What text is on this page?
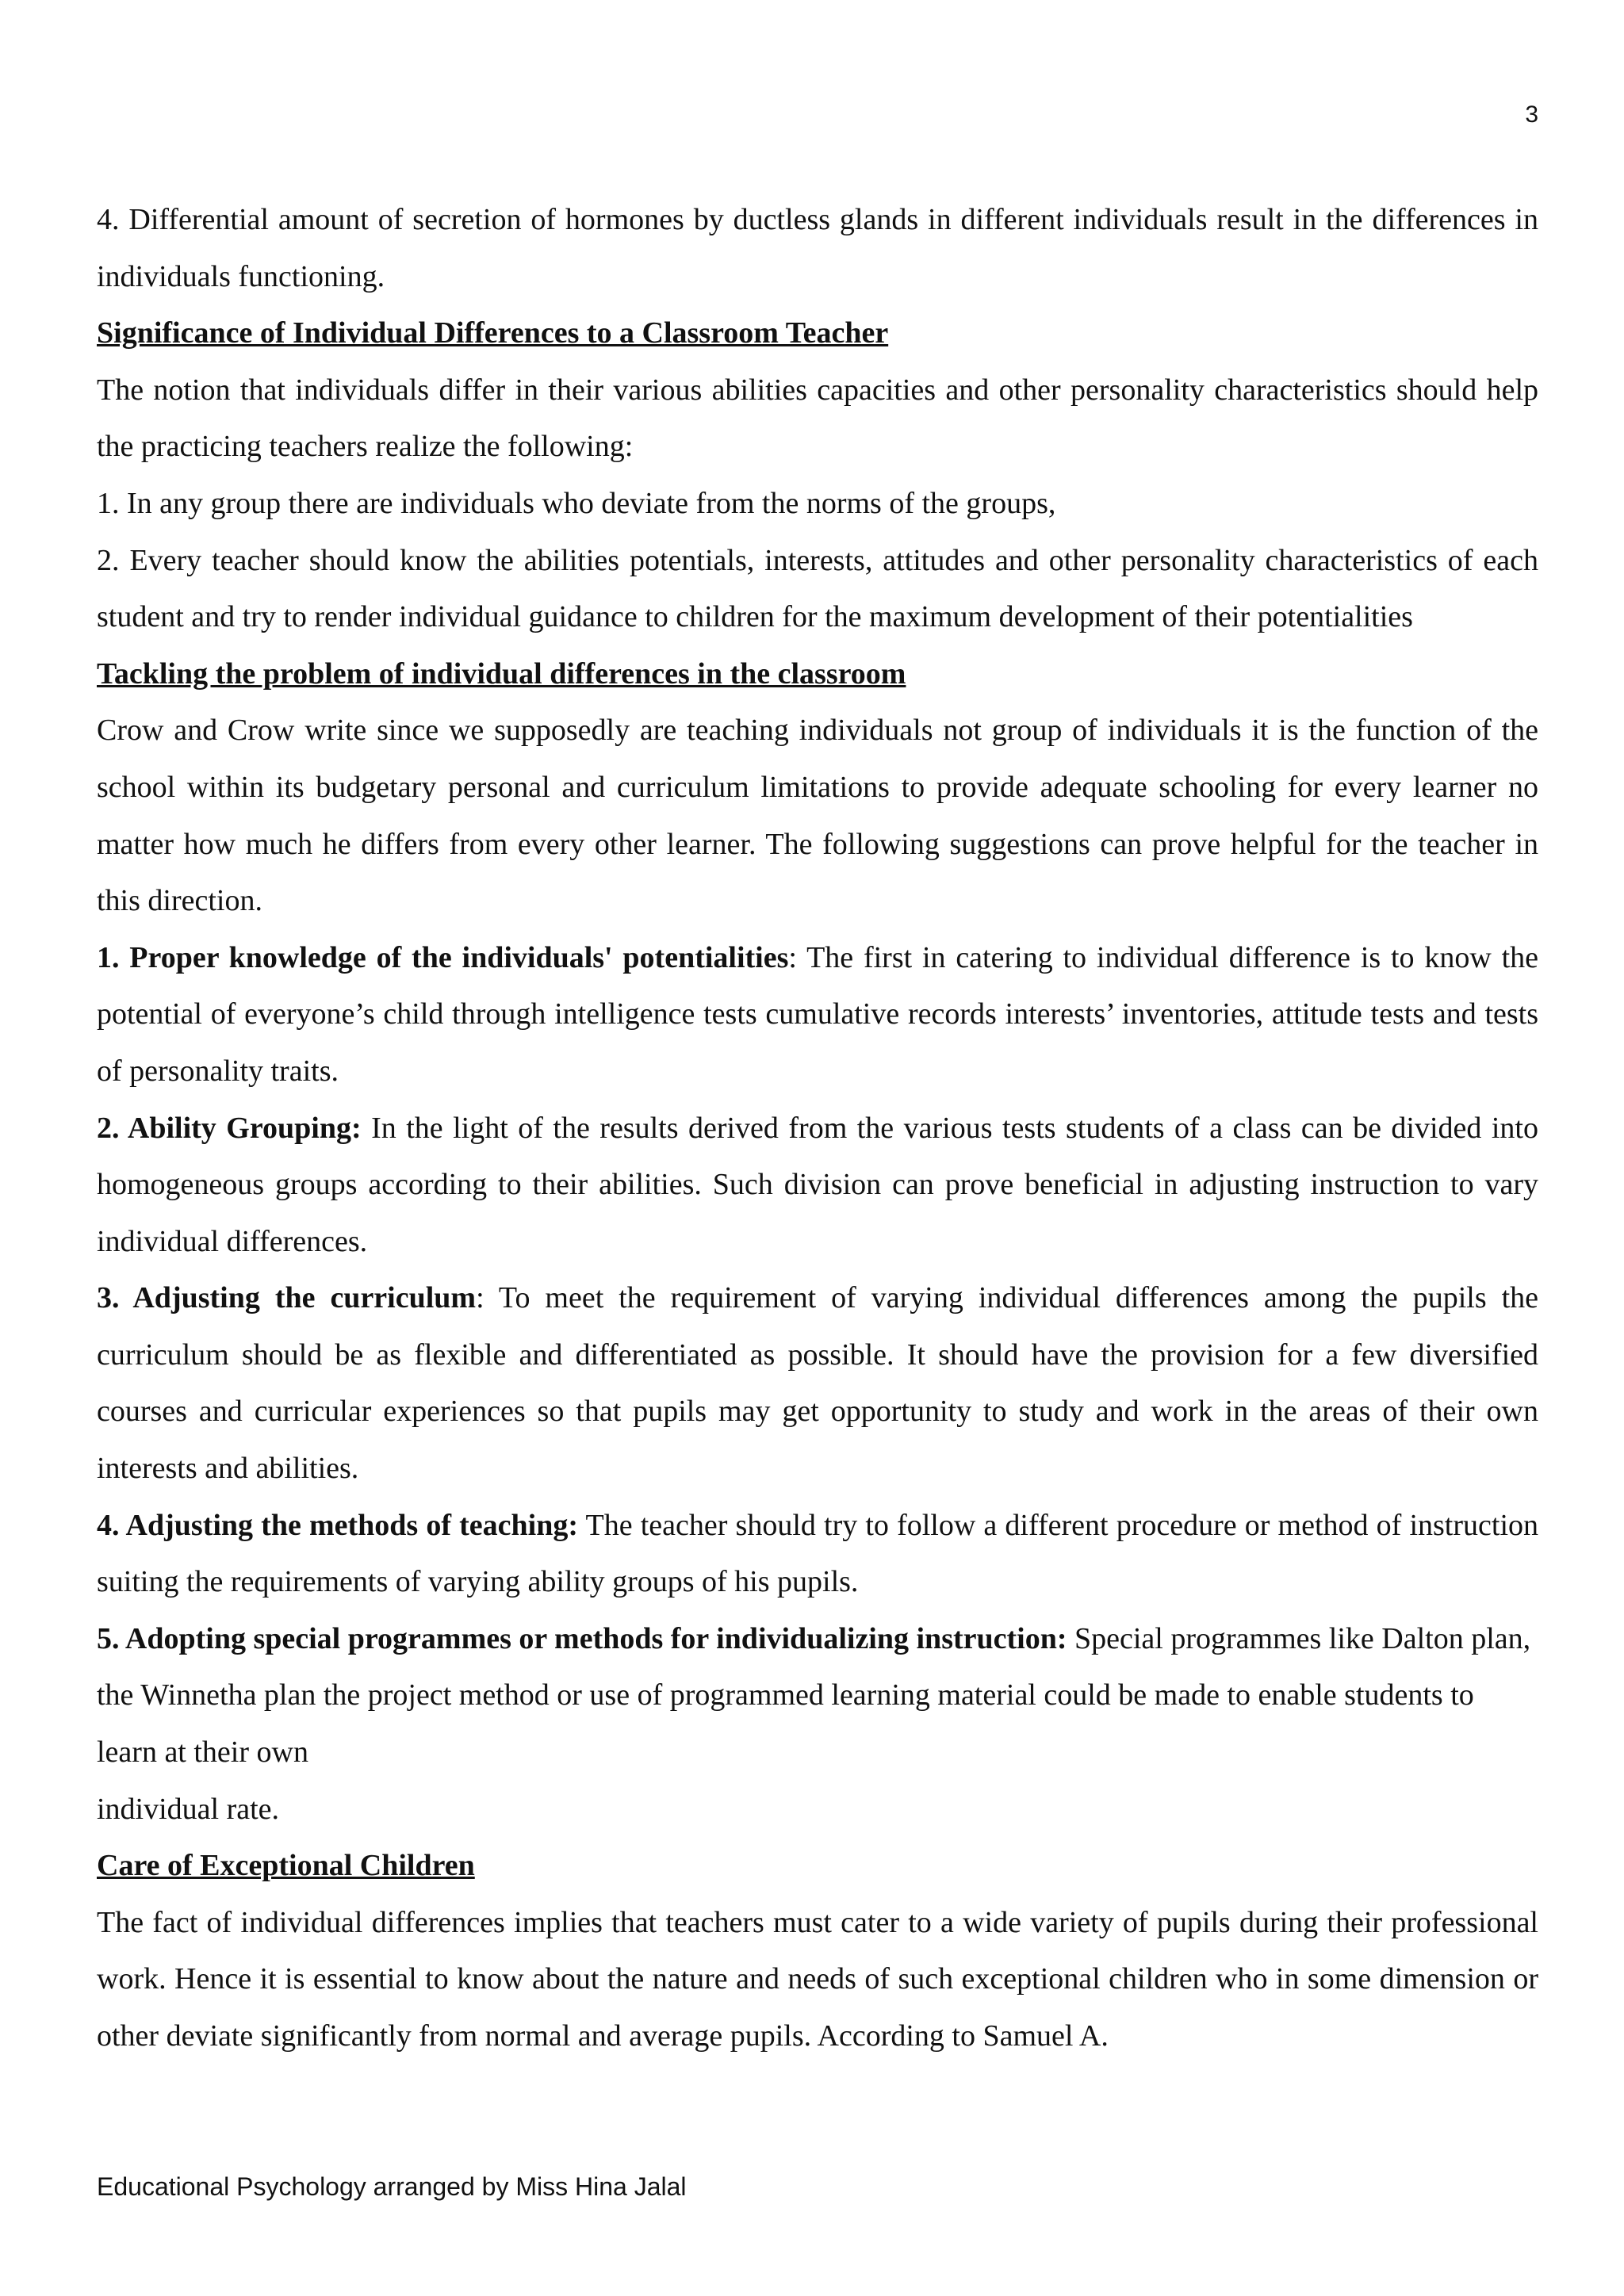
3

4. Differential amount of secretion of hormones by ductless glands in different individuals result in the differences in individuals functioning.

Significance of Individual Differences to a Classroom Teacher

The notion that individuals differ in their various abilities capacities and other personality characteristics should help the practicing teachers realize the following:

1. In any group there are individuals who deviate from the norms of the groups,

2. Every teacher should know the abilities potentials, interests, attitudes and other personality characteristics of each student and try to render individual guidance to children for the maximum development of their potentialities

Tackling the problem of individual differences in the classroom

Crow and Crow write since we supposedly are teaching individuals not group of individuals it is the function of the school within its budgetary personal and curriculum limitations to provide adequate schooling for every learner no matter how much he differs from every other learner. The following suggestions can prove helpful for the teacher in this direction.

1. Proper knowledge of the individuals' potentialities: The first in catering to individual difference is to know the potential of everyone’s child through intelligence tests cumulative records interests’ inventories, attitude tests and tests of personality traits.

2. Ability Grouping: In the light of the results derived from the various tests students of a class can be divided into homogeneous groups according to their abilities. Such division can prove beneficial in adjusting instruction to vary individual differences.

3. Adjusting the curriculum: To meet the requirement of varying individual differences among the pupils the curriculum should be as flexible and differentiated as possible. It should have the provision for a few diversified courses and curricular experiences so that pupils may get opportunity to study and work in the areas of their own interests and abilities.

4. Adjusting the methods of teaching: The teacher should try to follow a different procedure or method of instruction suiting the requirements of varying ability groups of his pupils.

5. Adopting special programmes or methods for individualizing instruction: Special programmes like Dalton plan, the Winnetha plan the project method or use of programmed learning material could be made to enable students to learn at their own

individual rate.

Care of Exceptional Children

The fact of individual differences implies that teachers must cater to a wide variety of pupils during their professional work. Hence it is essential to know about the nature and needs of such exceptional children who in some dimension or other deviate significantly from normal and average pupils. According to Samuel A.

Educational Psychology arranged by Miss Hina Jalal
